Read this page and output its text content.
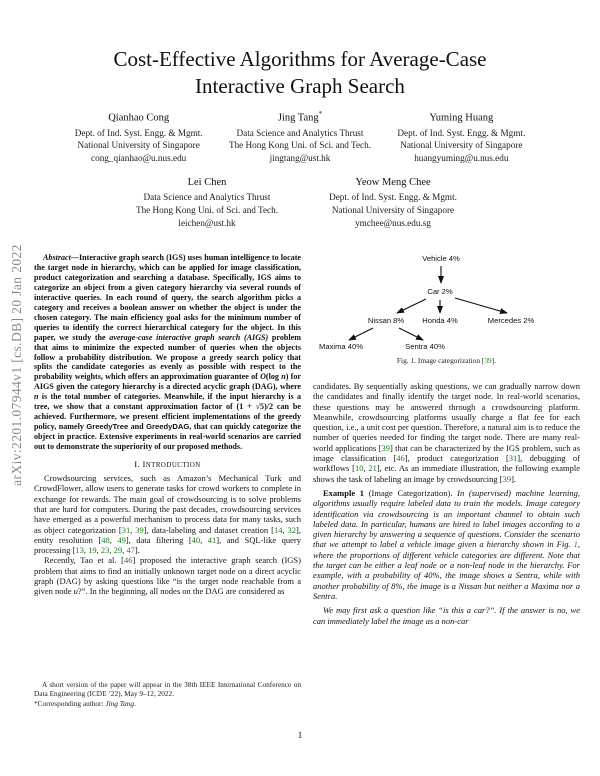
arXiv:2201.07944v1 [cs.DB] 20 Jan 2022
Cost-Effective Algorithms for Average-Case
Interactive Graph Search
Qianhao Cong
Dept. of Ind. Syst. Engg. & Mgmt.
National University of Singapore
cong_qianhao@u.nus.edu
Jing Tang*
Data Science and Analytics Thrust
The Hong Kong Uni. of Sci. and Tech.
jingtang@ust.hk
Yuming Huang
Dept. of Ind. Syst. Engg. & Mgmt.
National University of Singapore
huangyuming@u.nus.edu
Lei Chen
Data Science and Analytics Thrust
The Hong Kong Uni. of Sci. and Tech.
leichen@ust.hk
Yeow Meng Chee
Dept. of Ind. Syst. Engg. & Mgmt.
National University of Singapore
ymchee@nus.edu.sg
Abstract—Interactive graph search (IGS) uses human intelligence to locate the target node in hierarchy, which can be applied for image classification, product categorization and searching a database. Specifically, IGS aims to categorize an object from a given category hierarchy via several rounds of interactive queries. In each round of query, the search algorithm picks a category and receives a boolean answer on whether the object is under the chosen category. The main efficiency goal asks for the minimum number of queries to identify the correct hierarchical category for the object. In this paper, we study the average-case interactive graph search (AIGS) problem that aims to minimize the expected number of queries when the objects follow a probability distribution. We propose a greedy search policy that splits the candidate categories as evenly as possible with respect to the probability weights, which offers an approximation guarantee of O(log n) for AIGS given the category hierarchy is a directed acyclic graph (DAG), where n is the total number of categories. Meanwhile, if the input hierarchy is a tree, we show that a constant approximation factor of (1 + √5)/2 can be achieved. Furthermore, we present efficient implementations of the greedy policy, namely GreedyTree and GreedyDAG, that can quickly categorize the object in practice. Extensive experiments in real-world scenarios are carried out to demonstrate the superiority of our proposed methods.
I. INTRODUCTION
Crowdsourcing services, such as Amazon’s Mechanical Turk and CrowdFlower, allow users to generate tasks for crowd workers to complete in exchange for rewards. The main goal of crowdsourcing is to solve problems that are hard for computers. During the past decades, crowdsourcing services have emerged as a powerful mechanism to process data for many tasks, such as object categorization [31, 39], data-labeling and dataset creation [14, 32], entity resolution [48, 49], data filtering [40, 41], and SQL-like query processing [13, 19, 23, 29, 47].
Recently, Tao et al. [46] proposed the interactive graph search (IGS) problem that aims to find an initially unknown target node on a direct acyclic graph (DAG) by asking questions like “is the target node reachable from a given node u?”. In the beginning, all nodes on the DAG are considered as
Vehicle 4%
Car 2%
Nissan 8% Honda 4%	Mercedes 2%
Maxima 40%	Sentra 40%
Fig. 1. Image categorization [39].
candidates. By sequentially asking questions, we can gradually narrow down the candidates and finally identify the target node. In real-world scenarios, these questions may be answered through a crowdsourcing platform. Meanwhile, crowdsourcing platforms usually charge a flat fee for each question, i.e., a unit cost per question. Therefore, a natural aim is to reduce the number of queries needed for finding the target node. There are many real-world applications [39] that can be characterized by the IGS problem, such as image classification [46], product categorization [31], debugging of workflows [10, 21], etc. As an immediate illustration, the following example shows the task of labeling an image by crowdsourcing [39].
Example 1 (Image Categorization). In (supervised) machine learning, algorithms usually require labeled data to train the models. Image category identification via crowdsourcing is an important channel to obtain such labeled data. In particular, humans are hired to label images according to a given hierarchy by answering a sequence of questions. Consider the scenario that we attempt to label a vehicle image given a hierarchy shown in Fig. 1, where the proportions of different vehicle categories are different. Note that the target can be either a leaf node or a non-leaf node in the hierarchy. For example, with a probability of 40%, the image shows a Sentra, while with another probability of 8%, the image is a Nissan but neither a Maxima nor a Sentra.
We may first ask a question like “is this a car?”. If the answer is no, we can immediately label the image as a non-car
A short version of the paper will appear in the 38th IEEE International Conference on Data Engineering (ICDE ’22), May 9–12, 2022.
*Corresponding author: Jing Tang.
1
